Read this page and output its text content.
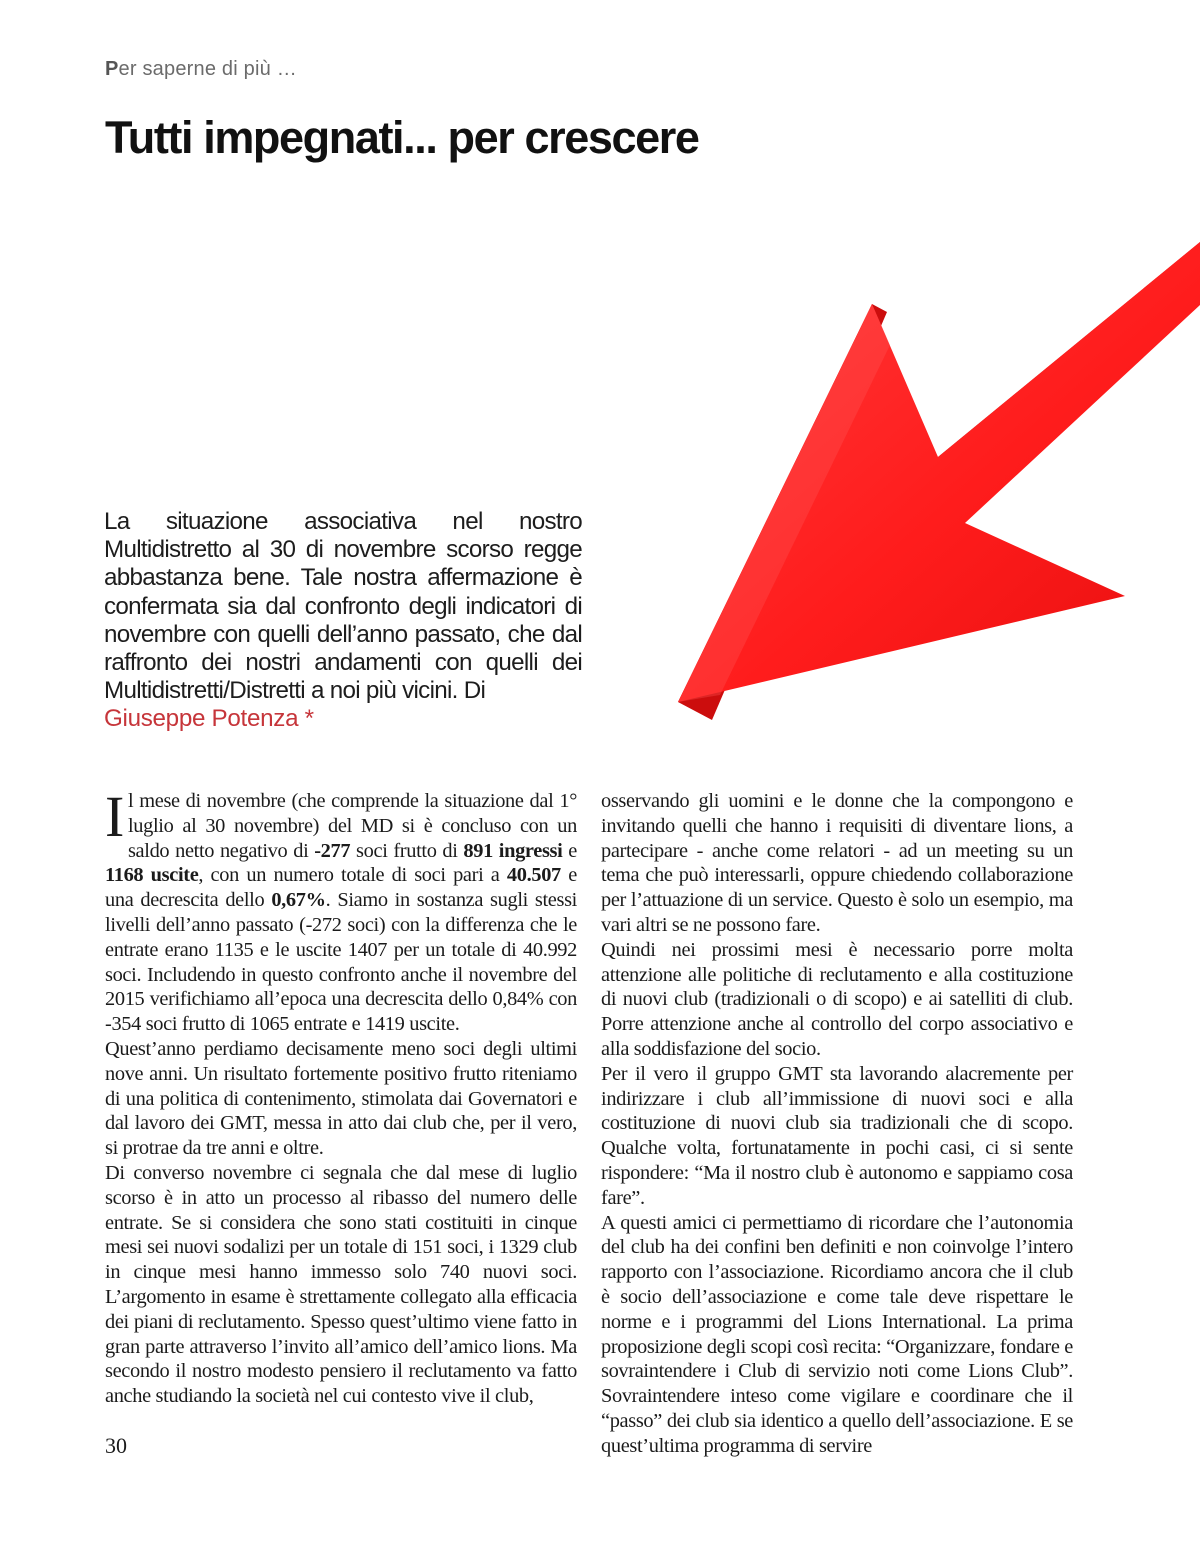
Per saperne di più …
Tutti impegnati... per crescere

La situazione associativa nel nostro Multidistretto al 30 di novembre scorso regge abbastanza bene. Tale nostra affermazione è confermata sia dal confronto degli indicatori di novembre con quelli dell’anno passato, che dal raffronto dei nostri andamenti con quelli dei Multidistretti/Distretti a noi più vicini. Di

Giuseppe Potenza *

Il mese di novembre (che comprende la situazione dal 1° luglio al 30 novembre) del MD si è concluso con un saldo netto negativo di -277 soci frutto di 891 ingressi e 1168 uscite, con un numero totale di soci pari a 40.507 e una decrescita dello 0,67%. Siamo in sostanza sugli stessi livelli dell’anno passato (-272 soci) con la differenza che le entrate erano 1135 e le uscite 1407 per un totale di 40.992 soci. Includendo in questo confronto anche il novembre del 2015 verifichiamo all’epoca una decrescita dello 0,84% con -354 soci frutto di 1065 entrate e 1419 uscite.

Quest’anno perdiamo decisamente meno soci degli ultimi nove anni. Un risultato fortemente positivo frutto riteniamo di una politica di contenimento, stimolata dai Governatori e dal lavoro dei GMT, messa in atto dai club che, per il vero, si protrae da tre anni e oltre.

Di converso novembre ci segnala che dal mese di luglio scorso è in atto un processo al ribasso del numero delle entrate. Se si considera che sono stati costituiti in cinque mesi sei nuovi sodalizi per un totale di 151 soci, i 1329 club in cinque mesi hanno immesso solo 740 nuovi soci. L’argomento in esame è strettamente collegato alla efficacia dei piani di reclutamento. Spesso quest’ultimo viene fatto in gran parte attraverso l’invito all’amico dell’amico lions. Ma secondo il nostro modesto pensiero il reclutamento va fatto anche studiando la società nel cui contesto vive il club,

osservando gli uomini e le donne che la compongono e invitando quelli che hanno i requisiti di diventare lions, a partecipare - anche come relatori - ad un meeting su un tema che può interessarli, oppure chiedendo collaborazione per l’attuazione di un service. Questo è solo un esempio, ma vari altri se ne possono fare.

Quindi nei prossimi mesi è necessario porre molta attenzione alle politiche di reclutamento e alla costituzione di nuovi club (tradizionali o di scopo) e ai satelliti di club. Porre attenzione anche al controllo del corpo associativo e alla soddisfazione del socio.

Per il vero il gruppo GMT sta lavorando alacremente per indirizzare i club all’immissione di nuovi soci e alla costituzione di nuovi club sia tradizionali che di scopo. Qualche volta, fortunatamente in pochi casi, ci si sente rispondere: “Ma il nostro club è autonomo e sappiamo cosa fare”.

A questi amici ci permettiamo di ricordare che l’autonomia del club ha dei confini ben definiti e non coinvolge l’intero rapporto con l’associazione. Ricordiamo ancora che il club è socio dell’associazione e come tale deve rispettare le norme e i programmi del Lions International. La prima proposizione degli scopi così recita: “Organizzare, fondare e sovraintendere i Club di servizio noti come Lions Club”. Sovraintendere inteso come vigilare e coordinare che il “passo” dei club sia identico a quello dell’associazione. E se quest’ultima programma di servire

30
